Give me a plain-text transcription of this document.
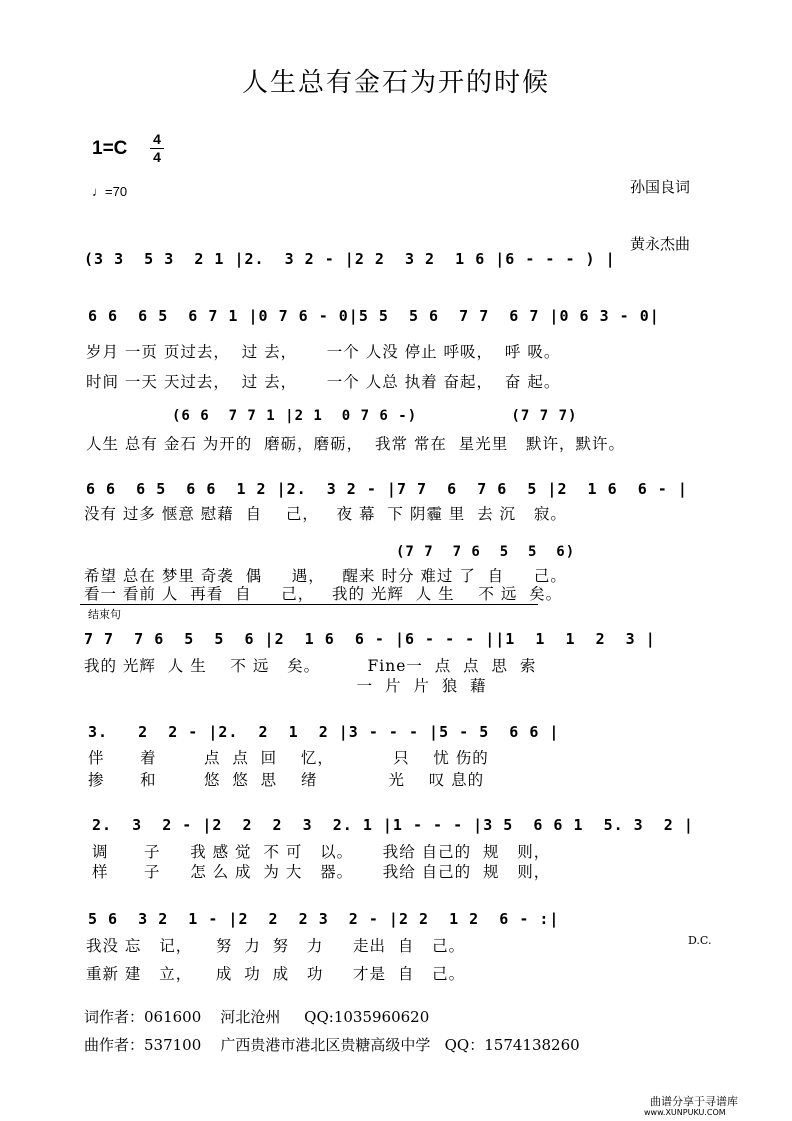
人生总有金石为开的时候
1=C 4
4

孙国良词

黄永杰曲

♩=70
(3 3  5 3  2 1 |2.  3 2 - |2 2  3 2  1 6 |6 - - - ) |
6 6  6 5  6 7 1 |0 7 6 - 0|5 5  5 6  7 7  6 7 |0 6 3 - 0|
岁月 一页 页过去，  过 去，     一个 人没 停止 呼吸，  呼 吸。
时间 一天 天过去，  过 去，     一个 人总 执着 奋起，  奋 起。
(6 6  7 7 1 |2 1  0 7 6 -)          (7 7 7)
人生 总有 金石 为开的  磨砺，磨砺，  我常 常在  星光里   默许，默许。
6 6  6 5  6 6  1 2 |2.  3 2 - |7 7  6  7 6  5 |2  1 6  6 - |
没有 过多 惬意 慰藉  自    己，   夜 幕  下 阴霾 里  去 沉   寂。
(7 7  7 6  5  5  6)
希望 总在 梦里 奇袭  偶     遇，   醒来 时分 难过 了  自     己。
看一 看前 人  再看  自     己，   我的 光辉  人 生    不 远  矣。
结束句
7 7  7 6  5  5  6 |2  1 6  6 - |6 - - - ||1  1  1  2  3 |
我的 光辉  人 生    不 远   矣。        Fine一  点  点  思  索
一  片  片  狼  藉
3.   2  2 - |2.  2  1  2 |3 - - - |5 - 5  6 6 |
伴      着        点  点  回    忆，          只    忧 伤的
掺      和        悠  悠  思    绪            光    叹 息的
2.  3  2 - |2  2  2  3  2. 1 |1 - - - |3 5  6 6 1  5. 3  2 |
调      子     我 感 觉  不 可   以。     我给 自己的  规   则，
样      子     怎 么 成  为 大   器。     我给 自己的  规   则，
5 6  3 2  1 - |2  2  2 3  2 - |2 2  1 2  6 - :|
我没 忘   记，    努  力  努   力     走出  自   己。
重新 建   立，    成  功  成   功     才是  自   己。
D.C.
词作者：061600    河北沧州     QQ:1035960620
曲作者：537100    广西贵港市港北区贵糖高级中学   QQ：1574138260
曲谱分享于寻谱库
www.XUNPUKU.COM
